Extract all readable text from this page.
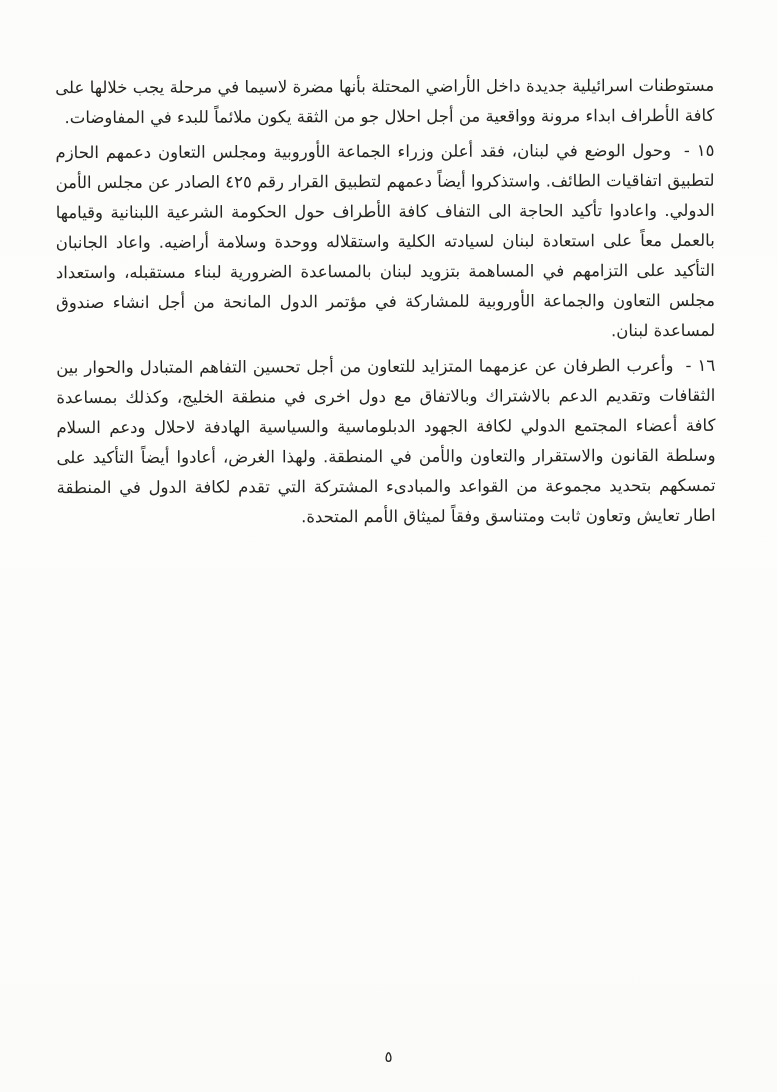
مستوطنات اسرائيلية جديدة داخل الأراضي المحتلة بأنها مضرة لاسيما في مرحلة يجب خلالها على كافة الأطراف ابداء مرونة وواقعية من أجل احلال جو من الثقة يكون ملائماً للبدء في المفاوضات.

١٥ - وحول الوضع في لبنان، فقد أعلن وزراء الجماعة الأوروبية ومجلس التعاون دعمهم الحازم لتطبيق اتفاقيات الطائف. واستذكروا أيضاً دعمهم لتطبيق القرار رقم ٤٢٥ الصادر عن مجلس الأمن الدولي. واعادوا تأكيد الحاجة الى التفاف كافة الأطراف حول الحكومة الشرعية اللبنانية وقيامها بالعمل معاً على استعادة لبنان لسيادته الكلية واستقلاله ووحدة وسلامة أراضيه. واعاد الجانبان التأكيد على التزامهم في المساهمة بتزويد لبنان بالمساعدة الضرورية لبناء مستقبله، واستعداد مجلس التعاون والجماعة الأوروبية للمشاركة في مؤتمر الدول المانحة من أجل انشاء صندوق لمساعدة لبنان.

١٦ - وأعرب الطرفان عن عزمهما المتزايد للتعاون من أجل تحسين التفاهم المتبادل والحوار بين الثقافات وتقديم الدعم بالاشتراك وبالاتفاق مع دول اخرى في منطقة الخليج، وكذلك بمساعدة كافة أعضاء المجتمع الدولي لكافة الجهود الدبلوماسية والسياسية الهادفة لاحلال ودعم السلام وسلطة القانون والاستقرار والتعاون والأمن في المنطقة. ولهذا الغرض، أعادوا أيضاً التأكيد على تمسكهم بتحديد مجموعة من القواعد والمبادىء المشتركة التي تقدم لكافة الدول في المنطقة اطار تعايش وتعاون ثابت ومتناسق وفقاً لميثاق الأمم المتحدة.

٥
